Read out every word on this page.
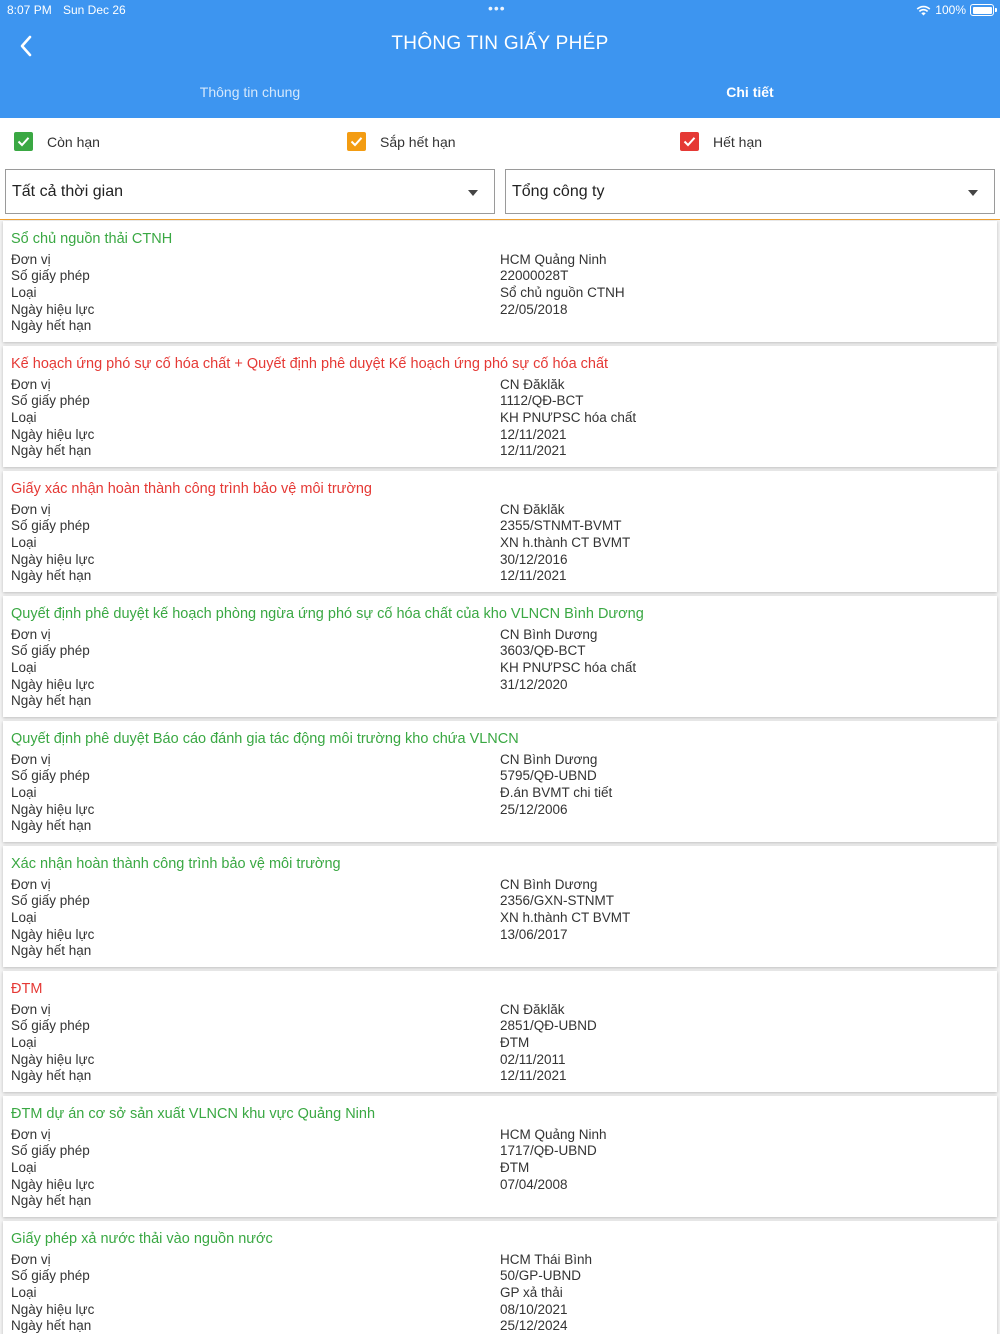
8:07 PM Sun Dec 26	•••	100%
THÔNG TIN GIẤY PHÉP
Thông tin chung	Chi tiết
Còn hạn	Sắp hết hạn	Hết hạn
Tất cả thời gian	Tổng công ty
Sổ chủ nguồn thải CTNH
Đơn vị	HCM Quảng Ninh
Số giấy phép	22000028T
Loại	Sổ chủ nguồn CTNH
Ngày hiệu lực	22/05/2018
Ngày hết hạn
Kế hoạch ứng phó sự cố hóa chất + Quyết định phê duyệt Kế hoạch ứng phó sự cố hóa chất
Đơn vị	CN Đăklăk
Số giấy phép	1112/QĐ-BCT
Loại	KH PNƯPSC hóa chất
Ngày hiệu lực	12/11/2021
Ngày hết hạn	12/11/2021
Giấy xác nhận hoàn thành công trình bảo vệ môi trường
Đơn vị	CN Đăklăk
Số giấy phép	2355/STNMT-BVMT
Loại	XN h.thành CT BVMT
Ngày hiệu lực	30/12/2016
Ngày hết hạn	12/11/2021
Quyết định phê duyệt kế hoạch phòng ngừa ứng phó sự cố hóa chất của kho VLNCN Bình Dương
Đơn vị	CN Bình Dương
Số giấy phép	3603/QĐ-BCT
Loại	KH PNƯPSC hóa chất
Ngày hiệu lực	31/12/2020
Ngày hết hạn
Quyết định phê duyệt Báo cáo đánh gia tác động môi trường kho chứa VLNCN
Đơn vị	CN Bình Dương
Số giấy phép	5795/QĐ-UBND
Loại	Đ.án BVMT chi tiết
Ngày hiệu lực	25/12/2006
Ngày hết hạn
Xác nhận hoàn thành công trình bảo vệ môi trường
Đơn vị	CN Bình Dương
Số giấy phép	2356/GXN-STNMT
Loại	XN h.thành CT BVMT
Ngày hiệu lực	13/06/2017
Ngày hết hạn
ĐTM
Đơn vị	CN Đăklăk
Số giấy phép	2851/QĐ-UBND
Loại	ĐTM
Ngày hiệu lực	02/11/2011
Ngày hết hạn	12/11/2021
ĐTM dự án cơ sở sản xuất VLNCN khu vực Quảng Ninh
Đơn vị	HCM Quảng Ninh
Số giấy phép	1717/QĐ-UBND
Loại	ĐTM
Ngày hiệu lực	07/04/2008
Ngày hết hạn
Giấy phép xả nước thải vào nguồn nước
Đơn vị	HCM Thái Bình
Số giấy phép	50/GP-UBND
Loại	GP xả thải
Ngày hiệu lực	08/10/2021
Ngày hết hạn	25/12/2024
